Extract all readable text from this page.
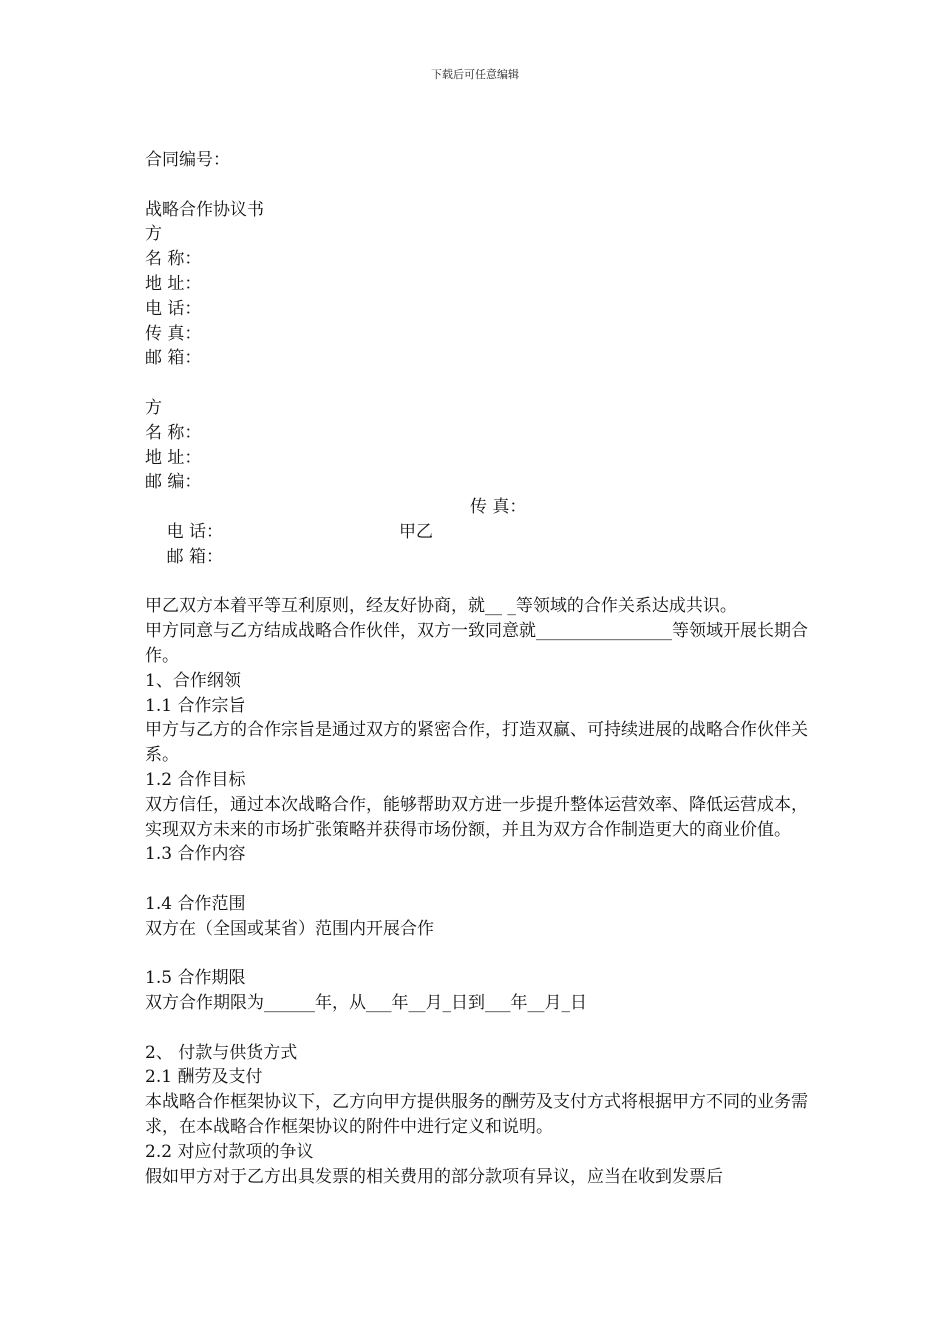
下载后可任意编辑
合同编号：
战略合作协议书
方
名 称：
地 址：
电 话：
传 真：
邮 箱：
方
名 称：
地 址：
邮 编：

电 话：

传 真：

邮 箱：

甲乙

甲乙双方本着平等互利原则，经友好协商，就__ _等领域的合作关系达成共识。
甲方同意与乙方结成战略合作伙伴，双方一致同意就________________等领域开展长期合作。
1、合作纲领
1.1 合作宗旨
甲方与乙方的合作宗旨是通过双方的紧密合作，打造双赢、可持续进展的战略合作伙伴关系。
1.2 合作目标
双方信任，通过本次战略合作，能够帮助双方进一步提升整体运营效率、降低运营成本，实现双方未来的市场扩张策略并获得市场份额，并且为双方合作制造更大的商业价值。
1.3 合作内容
1.4 合作范围
双方在（全国或某省）范围内开展合作
1.5 合作期限
双方合作期限为______年，从___年__月_日到___年__月_日
2、 付款与供货方式
2.1 酬劳及支付
本战略合作框架协议下，乙方向甲方提供服务的酬劳及支付方式将根据甲方不同的业务需求，在本战略合作框架协议的附件中进行定义和说明。
2.2 对应付款项的争议
假如甲方对于乙方出具发票的相关费用的部分款项有异议，应当在收到发票后
